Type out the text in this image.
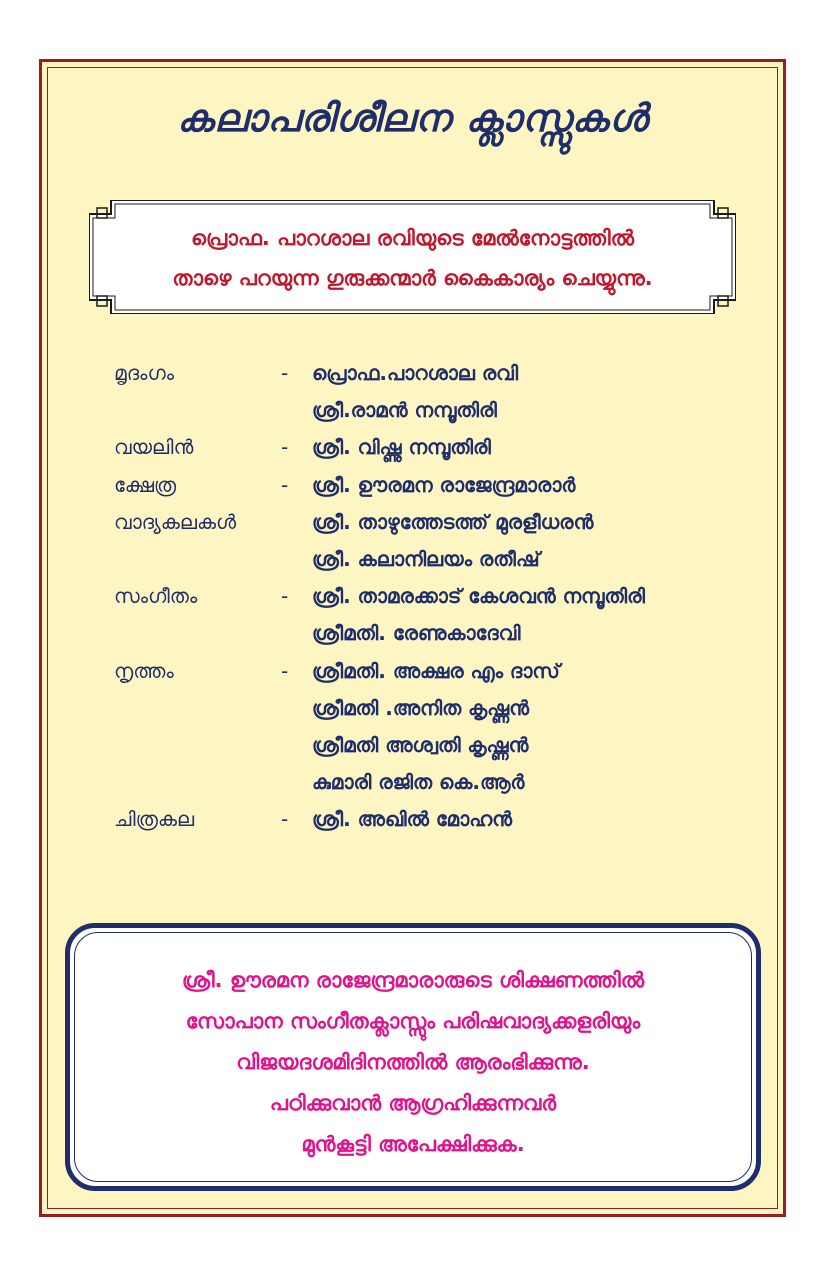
കലാപരിശീലന ക്ലാസ്സുകൾ
പ്രൊഫ. പാറശാല രവിയുടെ മേൽനോട്ടത്തിൽ
താഴെ പറയുന്ന ഗുരുക്കന്മാർ കൈകാര്യം ചെയ്യുന്നു.
മൃദംഗം	- പ്രൊഫ.പാറശാല രവി
ശ്രീ.രാമൻ നമ്പൂതിരി
വയലിൻ	- ശ്രീ. വിഷ്ണു നമ്പൂതിരി
ക്ഷേത്ര	- ശ്രീ. ഊരമന രാജേന്ദ്രമാരാർ
വാദ്യകലകൾ	ശ്രീ. താഴുത്തേടത്ത് മുരളീധരൻ
ശ്രീ. കലാനിലയം രതീഷ്
സംഗീതം	- ശ്രീ. താമരക്കാട് കേശവൻ നമ്പൂതിരി
ശ്രീമതി. രേണുകാദേവി
നൃത്തം	- ശ്രീമതി. അക്ഷര എം ദാസ്
ശ്രീമതി .അനിത കൃഷ്ണൻ
ശ്രീമതി അശ്വതി കൃഷ്ണൻ
കുമാരി രജിത കെ.ആർ
ചിത്രകല	- ശ്രീ. അഖിൽ മോഹൻ
ശ്രീ. ഊരമന രാജേന്ദ്രമാരാരുടെ ശിക്ഷണത്തിൽ
സോപാന സംഗീതക്ലാസ്സും പരിഷവാദ്യക്കളരിയും
വിജയദശമിദിനത്തിൽ ആരംഭിക്കുന്നു.
പഠിക്കുവാൻ ആഗ്രഹിക്കുന്നവർ
മുൻകൂട്ടി അപേക്ഷിക്കുക.
